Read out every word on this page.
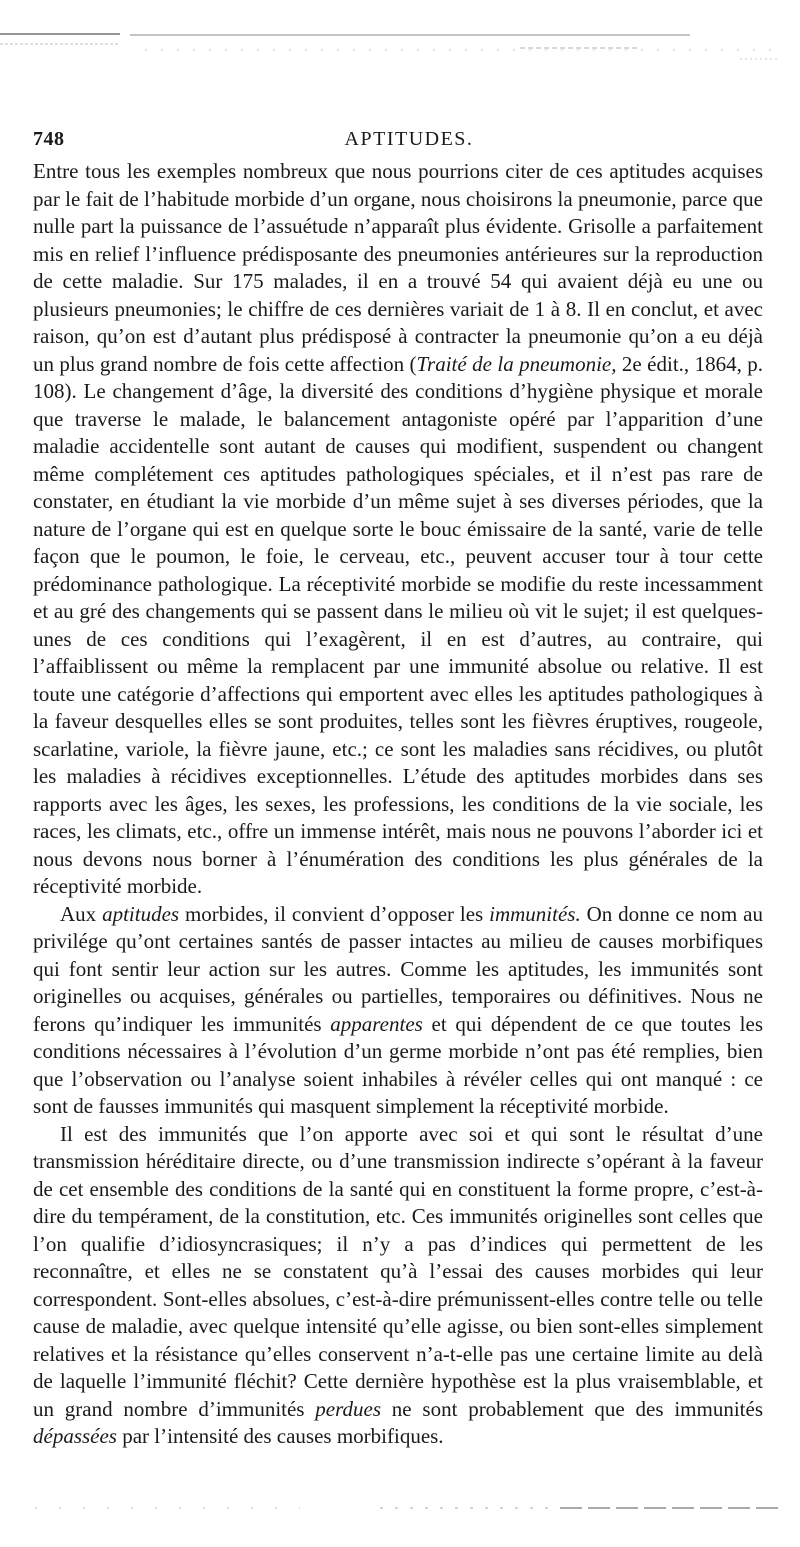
748	APTITUDES.

Entre tous les exemples nombreux que nous pourrions citer de ces aptitudes acquises par le fait de l’habitude morbide d’un organe, nous choisirons la pneumonie, parce que nulle part la puissance de l’assuétude n’apparaît plus évidente. Grisolle a parfaitement mis en relief l’influence prédisposante des pneumonies antérieures sur la reproduction de cette maladie. Sur 175 malades, il en a trouvé 54 qui avaient déjà eu une ou plusieurs pneumonies; le chiffre de ces dernières variait de 1 à 8. Il en conclut, et avec raison, qu’on est d’autant plus prédisposé à contracter la pneumonie qu’on a eu déjà un plus grand nombre de fois cette affection (Traité de la pneumonie, 2e édit., 1864, p. 108). Le changement d’âge, la diversité des conditions d’hygiène physique et morale que traverse le malade, le balancement antagoniste opéré par l’apparition d’une maladie accidentelle sont autant de causes qui modifient, suspendent ou changent même complétement ces aptitudes pathologiques spéciales, et il n’est pas rare de constater, en étudiant la vie morbide d’un même sujet à ses diverses périodes, que la nature de l’organe qui est en quelque sorte le bouc émissaire de la santé, varie de telle façon que le poumon, le foie, le cerveau, etc., peuvent accuser tour à tour cette prédominance pathologique. La réceptivité morbide se modifie du reste incessamment et au gré des changements qui se passent dans le milieu où vit le sujet; il est quelques-unes de ces conditions qui l’exagèrent, il en est d’autres, au contraire, qui l’affaiblissent ou même la remplacent par une immunité absolue ou relative. Il est toute une catégorie d’affections qui emportent avec elles les aptitudes pathologiques à la faveur desquelles elles se sont produites, telles sont les fièvres éruptives, rougeole, scarlatine, variole, la fièvre jaune, etc.; ce sont les maladies sans récidives, ou plutôt les maladies à récidives exceptionnelles. L’étude des aptitudes morbides dans ses rapports avec les âges, les sexes, les professions, les conditions de la vie sociale, les races, les climats, etc., offre un immense intérêt, mais nous ne pouvons l’aborder ici et nous devons nous borner à l’énumération des conditions les plus générales de la réceptivité morbide.

Aux aptitudes morbides, il convient d’opposer les immunités. On donne ce nom au privilége qu’ont certaines santés de passer intactes au milieu de causes morbifiques qui font sentir leur action sur les autres. Comme les aptitudes, les immunités sont originelles ou acquises, générales ou partielles, temporaires ou définitives. Nous ne ferons qu’indiquer les immunités apparentes et qui dépendent de ce que toutes les conditions nécessaires à l’évolution d’un germe morbide n’ont pas été remplies, bien que l’observation ou l’analyse soient inhabiles à révéler celles qui ont manqué : ce sont de fausses immunités qui masquent simplement la réceptivité morbide.

Il est des immunités que l’on apporte avec soi et qui sont le résultat d’une transmission héréditaire directe, ou d’une transmission indirecte s’opérant à la faveur de cet ensemble des conditions de la santé qui en constituent la forme propre, c’est-à-dire du tempérament, de la constitution, etc. Ces immunités originelles sont celles que l’on qualifie d’idiosyncrasiques; il n’y a pas d’indices qui permettent de les reconnaître, et elles ne se constatent qu’à l’essai des causes morbides qui leur correspondent. Sont-elles absolues, c’est-à-dire prémunissent-elles contre telle ou telle cause de maladie, avec quelque intensité qu’elle agisse, ou bien sont-elles simplement relatives et la résistance qu’elles conservent n’a-t-elle pas une certaine limite au delà de laquelle l’immunité fléchit? Cette dernière hypothèse est la plus vraisemblable, et un grand nombre d’immunités perdues ne sont probablement que des immunités dépassées par l’intensité des causes morbifiques.
